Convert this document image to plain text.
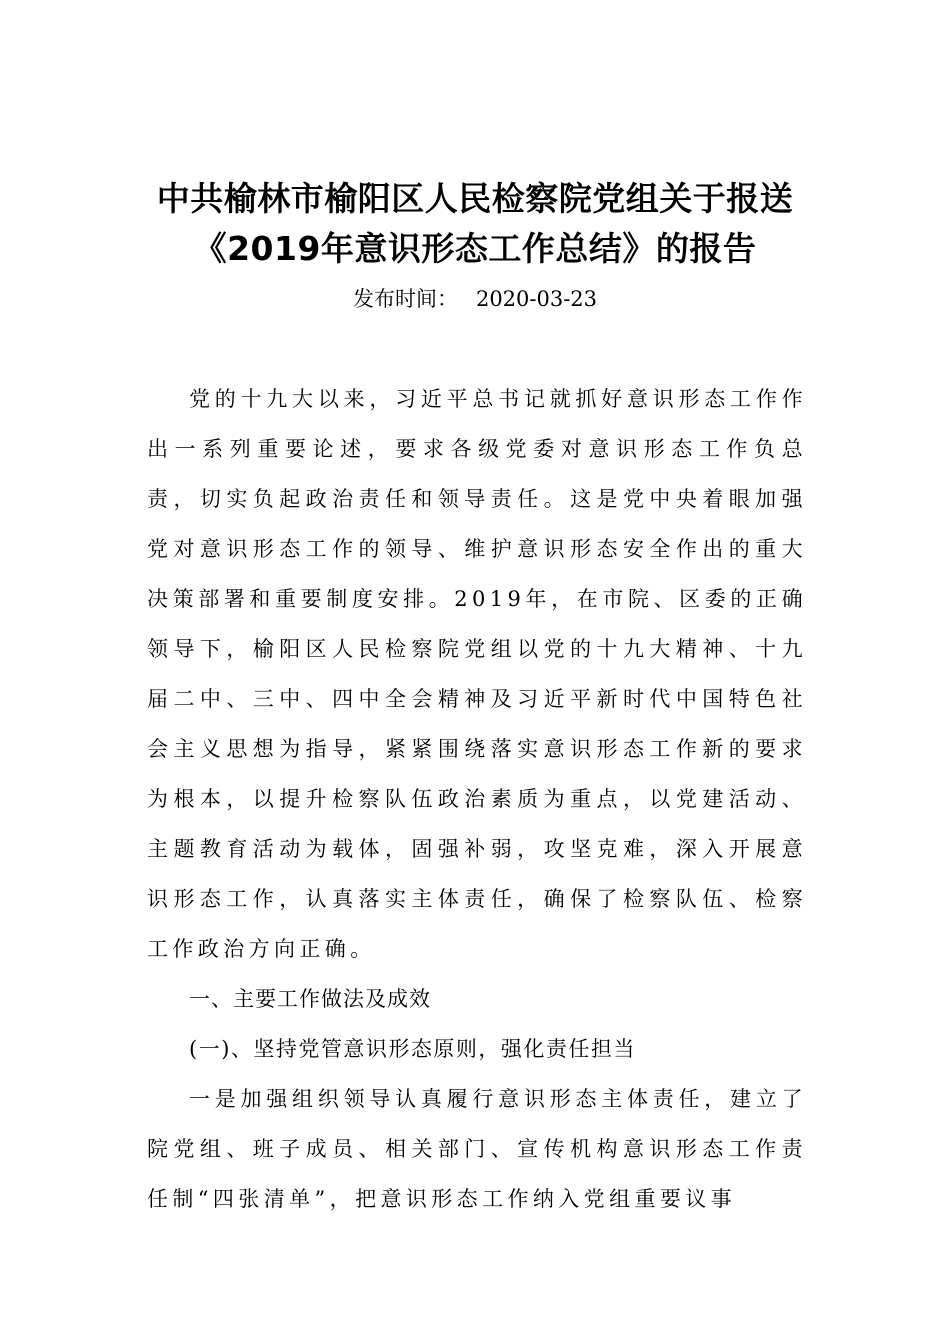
中共榆林市榆阳区人民检察院党组关于报送《2019年意识形态工作总结》的报告
发布时间： 2020-03-23

党的十九大以来，习近平总书记就抓好意识形态工作作出一系列重要论述，要求各级党委对意识形态工作负总责，切实负起政治责任和领导责任。这是党中央着眼加强党对意识形态工作的领导、维护意识形态安全作出的重大决策部署和重要制度安排。2019年，在市院、区委的正确领导下，榆阳区人民检察院党组以党的十九大精神、十九届二中、三中、四中全会精神及习近平新时代中国特色社会主义思想为指导，紧紧围绕落实意识形态工作新的要求为根本，以提升检察队伍政治素质为重点，以党建活动、主题教育活动为载体，固强补弱，攻坚克难，深入开展意识形态工作，认真落实主体责任，确保了检察队伍、检察工作政治方向正确。

一、主要工作做法及成效

(一)、坚持党管意识形态原则，强化责任担当

一是加强组织领导认真履行意识形态主体责任，建立了院党组、班子成员、相关部门、宣传机构意识形态工作责任制“四张清单”，把意识形态工作纳入党组重要议事
